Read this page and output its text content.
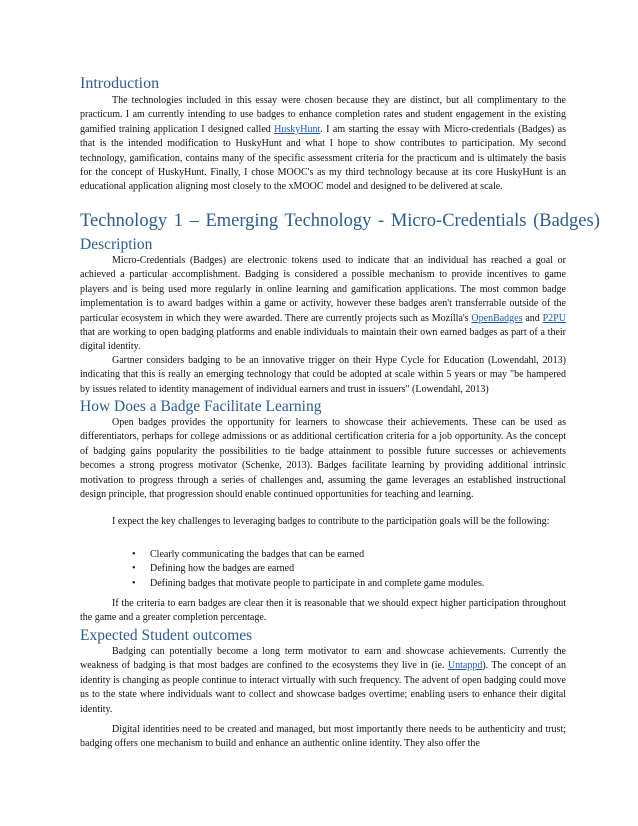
Introduction

The technologies included in this essay were chosen because they are distinct, but all complimentary to the practicum. I am currently intending to use badges to enhance completion rates and student engagement in the existing gamified training application I designed called HuskyHunt. I am starting the essay with Micro-credentials (Badges) as that is the intended modification to HuskyHunt and what I hope to show contributes to participation. My second technology, gamification, contains many of the specific assessment criteria for the practicum and is ultimately the basis for the concept of HuskyHunt. Finally, I chose MOOC's as my third technology because at its core HuskyHunt is an educational application aligning most closely to the xMOOC model and designed to be delivered at scale.

Technology 1 – Emerging Technology - Micro-Credentials (Badges)
Description

Micro-Credentials (Badges) are electronic tokens used to indicate that an individual has reached a goal or achieved a particular accomplishment. Badging is considered a possible mechanism to provide incentives to game players and is being used more regularly in online learning and gamification applications. The most common badge implementation is to award badges within a game or activity, however these badges aren't transferrable outside of the particular ecosystem in which they were awarded. There are currently projects such as Mozilla's OpenBadges and P2PU that are working to open badging platforms and enable individuals to maintain their own earned badges as part of a their digital identity.

Gartner considers badging to be an innovative trigger on their Hype Cycle for Education (Lowendahl, 2013) indicating that this is really an emerging technology that could be adopted at scale within 5 years or may "be hampered by issues related to identity management of individual earners and trust in issuers" (Lowendahl, 2013)

How Does a Badge Facilitate Learning

Open badges provides the opportunity for learners to showcase their achievements. These can be used as differentiators, perhaps for college admissions or as additional certification criteria for a job opportunity. As the concept of badging gains popularity the possibilities to tie badge attainment to possible future successes or achievements becomes a strong progress motivator (Schenke, 2013). Badges facilitate learning by providing additional intrinsic motivation to progress through a series of challenges and, assuming the game leverages an established instructional design principle, that progression should enable continued opportunities for teaching and learning.

I expect the key challenges to leveraging badges to contribute to the participation goals will be the following:

• Clearly communicating the badges that can be earned
• Defining how the badges are earned
• Defining badges that motivate people to participate in and complete game modules.

If the criteria to earn badges are clear then it is reasonable that we should expect higher participation throughout the game and a greater completion percentage.

Expected Student outcomes

Badging can potentially become a long term motivator to earn and showcase achievements. Currently the weakness of badging is that most badges are confined to the ecosystems they live in (ie. Untappd). The concept of an identity is changing as people continue to interact virtually with such frequency. The advent of open badging could move us to the state where individuals want to collect and showcase badges overtime; enabling users to enhance their digital identity.

Digital identities need to be created and managed, but most importantly there needs to be authenticity and trust; badging offers one mechanism to build and enhance an authentic online identity. They also offer the
